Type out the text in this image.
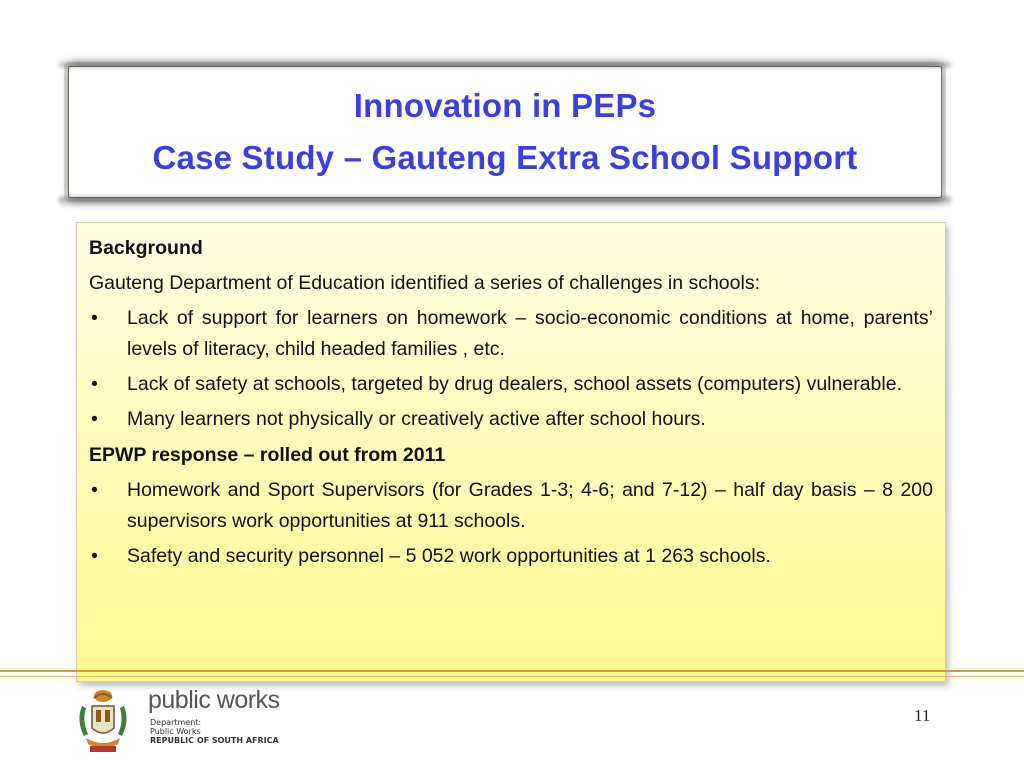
Innovation in PEPs
Case Study – Gauteng Extra School Support

Background

Gauteng Department of Education identified a series of challenges in schools:

• Lack of support for learners on homework – socio-economic conditions at home, parents’ levels of literacy, child headed families , etc.
• Lack of safety at schools, targeted by drug dealers, school assets (computers) vulnerable.
• Many learners not physically or creatively active after school hours.

EPWP response – rolled out from 2011

• Homework and Sport Supervisors (for Grades 1-3; 4-6; and 7-12) – half day basis – 8 200 supervisors work opportunities at 911 schools.
• Safety and security personnel – 5 052 work opportunities at 1 263 schools.
public works
Department:
Public Works
REPUBLIC OF SOUTH AFRICA
11
